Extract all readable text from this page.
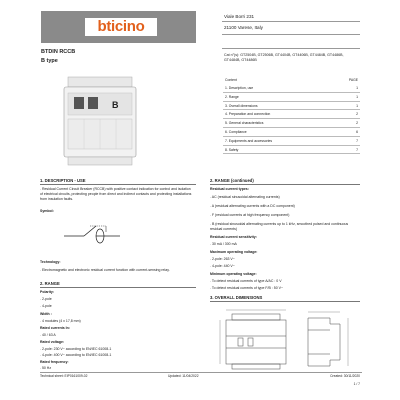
bticino
Viale Borri 231
21100 Varese, Italy
BTDIN RCCB
B type
Cat n°(s): GT2504B, GT2506B, GT4404B, GT4406B, GT4484B, GT4486B, GT4484B, GT4486B
B
Content	PAGE
1. Description, use	1
2. Range	1
3. Overall dimensions	1
4. Preparation and connection	2
5. General characteristics	2
6. Compliance	6
7. Equipments and accessories	7
8. Safety	7
1. DESCRIPTION - USE
. Residual Current Circuit Breaker (RCCB) with positive contact indication for control and isolation of electrical circuits, protecting people from direct and indirect contacts and protecting installations from insulation faults.
Symbol:
Technology:
. Electromagnetic and electronic residual current function with current-sensing relay.
2. RANGE
Polarity:
. 2-pole
. 4-pole
Width :
. 4 modules (4 x 17,8 mm)
Rated currents In:
. 40 / 63 A
Rated voltage:
. 2-pole: 230 V~ according to EN/IEC 61008-1
. 4-pole: 400 V~ according to EN/IEC 61008-1
Rated frequency:
. 50 Hz
2. RANGE (continued)
Residual current types:
. AC (residual sinusoidal alternating currents)
. A (residual alternating currents with a DC component)
. F (residual currents at high frequency component)
. B (residual sinusoidal alternating currents up to 1 kHz, smoothed pulsed and continuous residual currents)
Residual current sensitivity:
. 30 mA / 300 mA
Maximum operating voltage:
. 2-pole: 263 V~
. 4-pole: 440 V~
Minimum operating voltage:
. To detect residual currents of type A/AC : 0 V
. To detect residual currents of type F/B : 50 V~
3. OVERALL DIMENSIONS
Technical sheet: EIP0161009-02	Updated: 11/04/2022	Created: 30/11/2020
1 / 7
